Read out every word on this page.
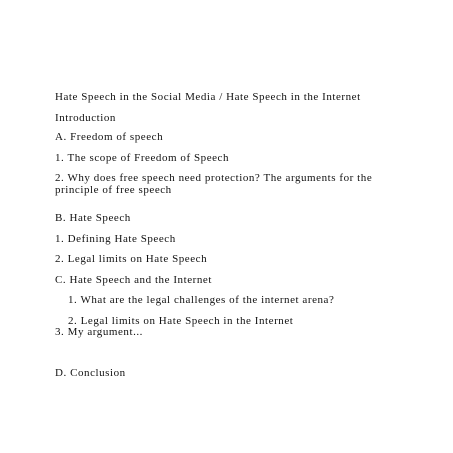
Hate Speech in the Social Media / Hate Speech in the Internet
Introduction
A. Freedom of speech
1. The scope of Freedom of Speech
2. Why does free speech need protection? The arguments for the principle of free speech
B. Hate Speech
1. Defining Hate Speech
2. Legal limits on Hate Speech
C. Hate Speech and the Internet
1. What are the legal challenges of the internet arena?
2. Legal limits on Hate Speech in the Internet
3. My argument...
D. Conclusion
